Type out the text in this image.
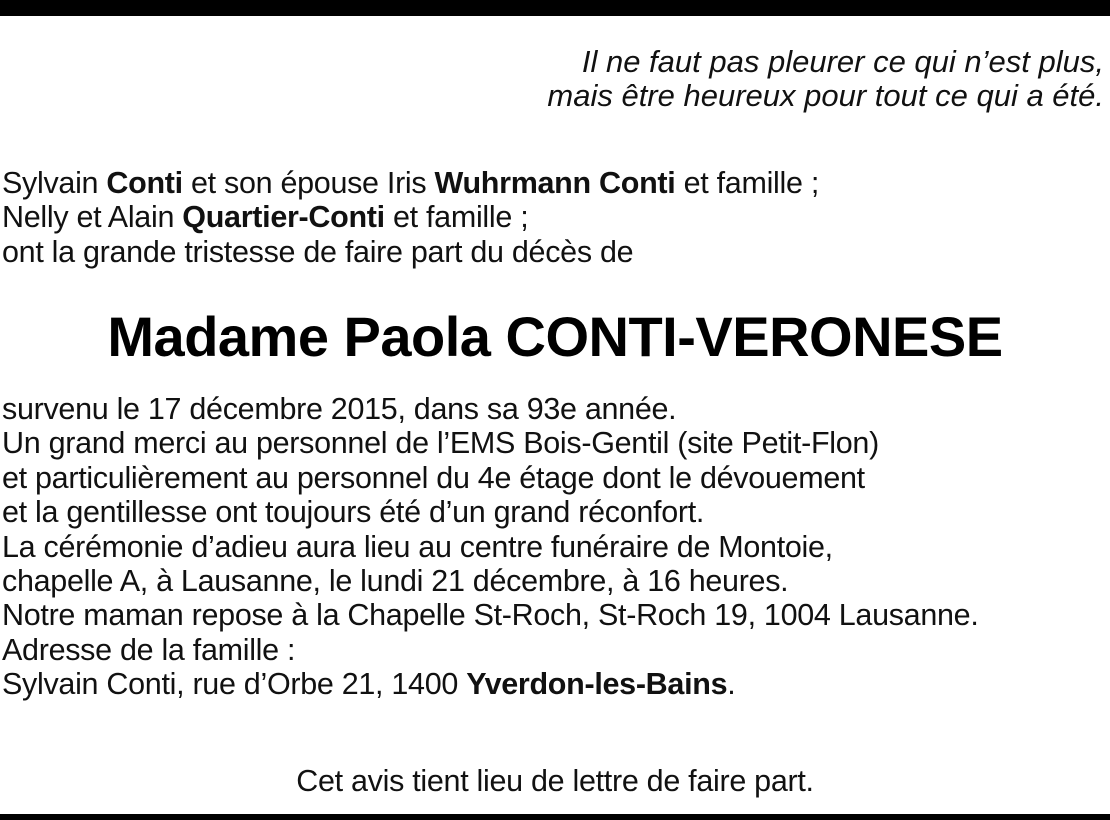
Il ne faut pas pleurer ce qui n’est plus,
mais être heureux pour tout ce qui a été.
Sylvain Conti et son épouse Iris Wuhrmann Conti et famille ;
Nelly et Alain Quartier-Conti et famille ;
ont la grande tristesse de faire part du décès de
Madame Paola CONTI-VERONESE
survenu le 17 décembre 2015, dans sa 93e année.
Un grand merci au personnel de l’EMS Bois-Gentil (site Petit-Flon)
et particulièrement au personnel du 4e étage dont le dévouement
et la gentillesse ont toujours été d’un grand réconfort.
La cérémonie d’adieu aura lieu au centre funéraire de Montoie,
chapelle A, à Lausanne, le lundi 21 décembre, à 16 heures.
Notre maman repose à la Chapelle St-Roch, St-Roch 19, 1004 Lausanne.
Adresse de la famille :
Sylvain Conti, rue d’Orbe 21, 1400 Yverdon-les-Bains.
Cet avis tient lieu de lettre de faire part.
